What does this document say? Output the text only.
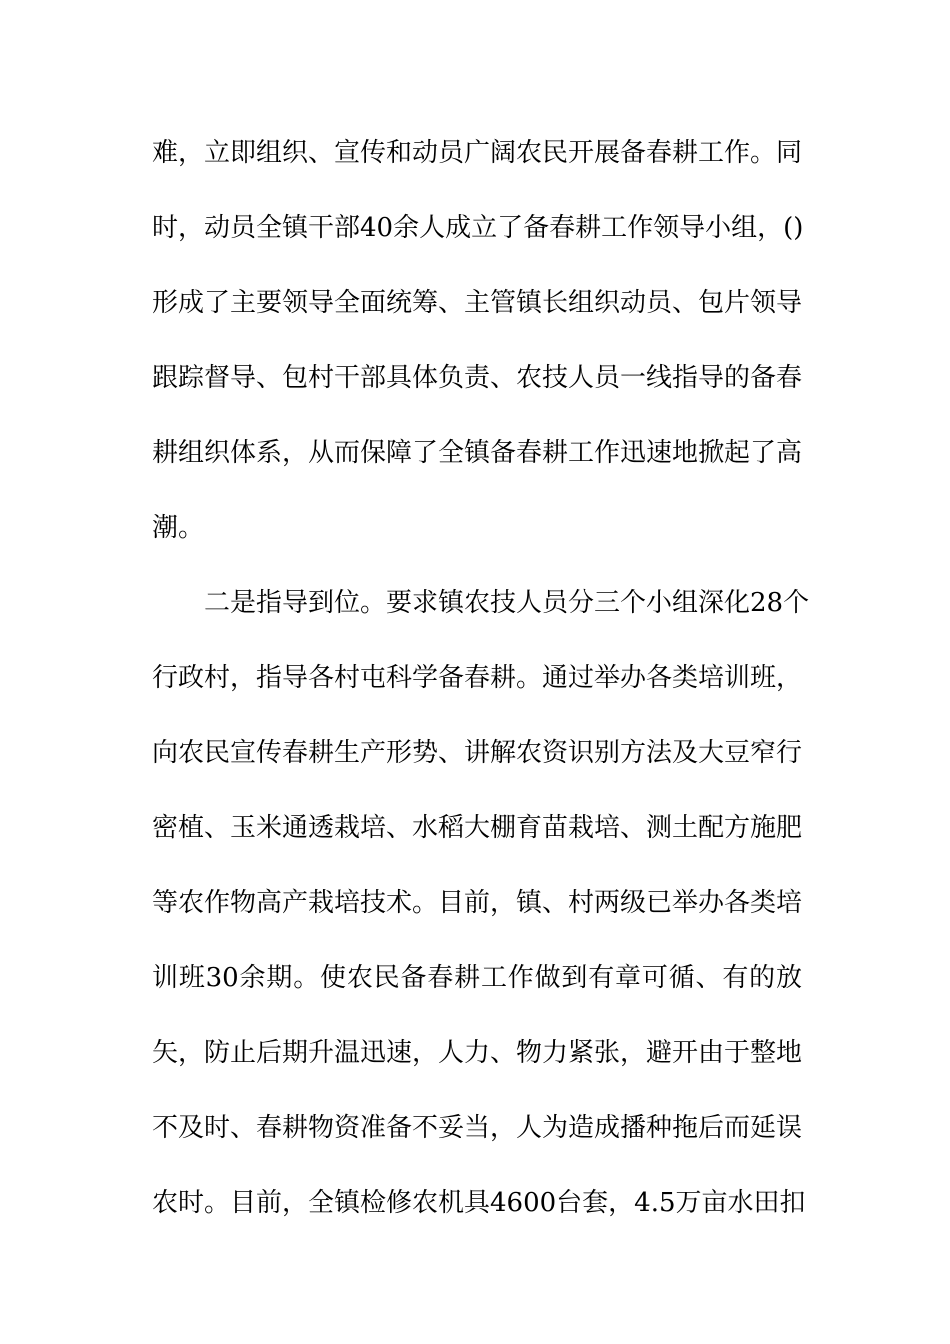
难，立即组织、宣传和动员广阔农民开展备春耕工作。同
时，动员全镇干部40余人成立了备春耕工作领导小组，()
形成了主要领导全面统筹、主管镇长组织动员、包片领导
跟踪督导、包村干部具体负责、农技人员一线指导的备春
耕组织体系，从而保障了全镇备春耕工作迅速地掀起了高
潮。
二是指导到位。要求镇农技人员分三个小组深化28个
行政村，指导各村屯科学备春耕。通过举办各类培训班，
向农民宣传春耕生产形势、讲解农资识别方法及大豆窄行
密植、玉米通透栽培、水稻大棚育苗栽培、测土配方施肥
等农作物高产栽培技术。目前，镇、村两级已举办各类培
训班30余期。使农民备春耕工作做到有章可循、有的放
矢，防止后期升温迅速，人力、物力紧张，避开由于整地
不及时、春耕物资准备不妥当，人为造成播种拖后而延误
农时。目前，全镇检修农机具4600台套，4.5万亩水田扣
